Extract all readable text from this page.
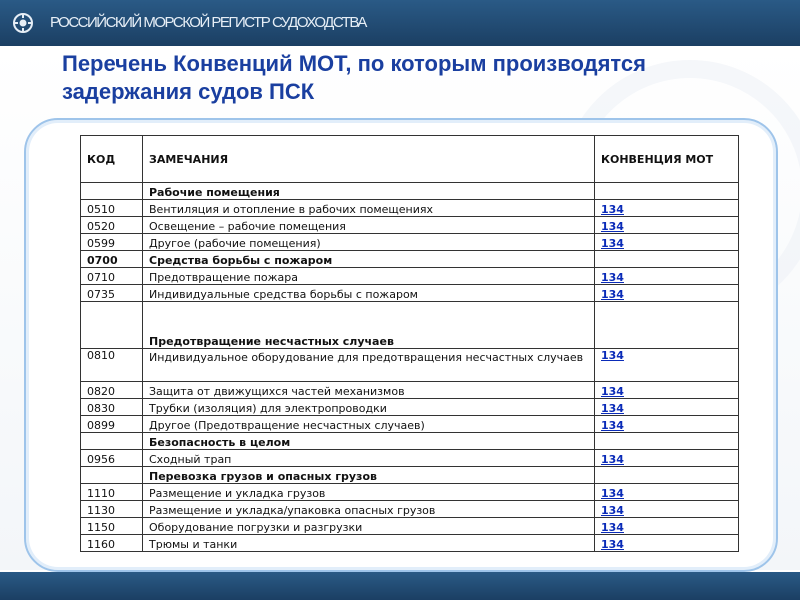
РОССИЙСКИЙ МОРСКОЙ РЕГИСТР СУДОХОДСТВА
Перечень Конвенций МОТ, по которым производятся задержания судов ПСК
КОД	ЗАМЕЧАНИЯ	КОНВЕНЦИЯ МОТ
	Рабочие помещения	
0510	Вентиляция и отопление в рабочих помещениях	134
0520	Освещение – рабочие помещения	134
0599	Другое (рабочие помещения)	134
0700	Средства борьбы с пожаром	
0710	Предотвращение пожара	134
0735	Индивидуальные средства борьбы с пожаром	134
	Предотвращение несчастных случаев	
0810	Индивидуальное оборудование для предотвращения несчастных случаев	134
0820	Защита от движущихся частей механизмов	134
0830	Трубки (изоляция) для электропроводки	134
0899	Другое (Предотвращение несчастных случаев)	134
	Безопасность в целом	
0956	Сходный трап	134
	Перевозка грузов и опасных грузов	
1110	Размещение и укладка грузов	134
1130	Размещение и укладка/упаковка опасных грузов	134
1150	Оборудование погрузки и разгрузки	134
1160	Трюмы и танки	134
